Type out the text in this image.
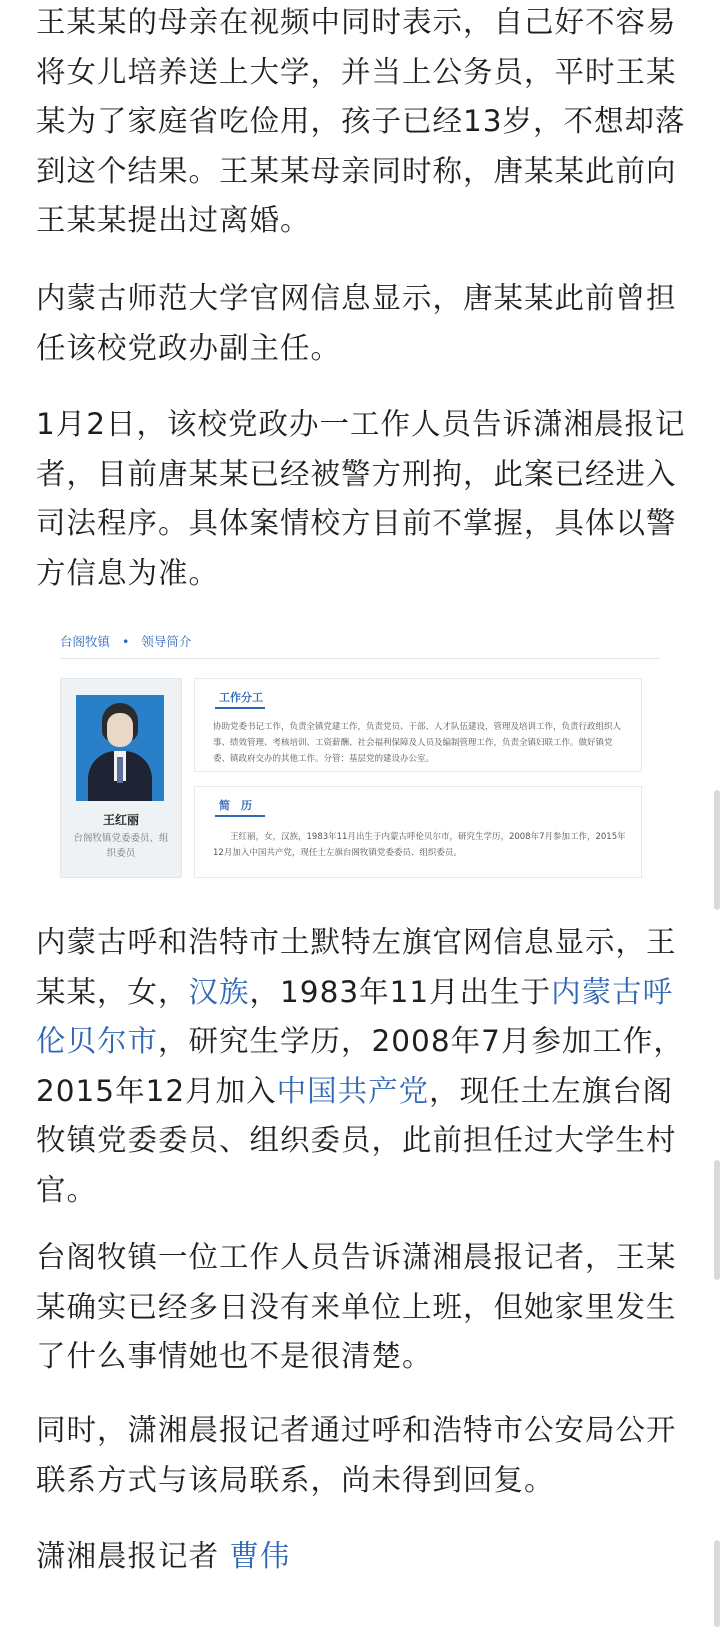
王某某的母亲在视频中同时表示，自己好不容易将女儿培养送上大学，并当上公务员，平时王某某为了家庭省吃俭用，孩子已经13岁，不想却落到这个结果。王某某母亲同时称，唐某某此前向王某某提出过离婚。

内蒙古师范大学官网信息显示，唐某某此前曾担任该校党政办副主任。

1月2日，该校党政办一工作人员告诉潇湘晨报记者，目前唐某某已经被警方刑拘，此案已经进入司法程序。具体案情校方目前不掌握，具体以警方信息为准。

台阁牧镇 • 领导简介
王红丽
台阁牧镇党委委员、组织委员
工作分工
协助党委书记工作，负责全镇党建工作，负责党员、干部、人才队伍建设，管理及培训工作，负责行政组织人事、绩效管理、考核培训、工资薪酬、社会福利保障及人员及编制管理工作，负责全镇妇联工作。做好镇党委、镇政府交办的其他工作。分管：基层党的建设办公室。
简　历
王红丽，女，汉族，1983年11月出生于内蒙古呼伦贝尔市，研究生学历，2008年7月参加工作，2015年12月加入中国共产党，现任土左旗台阁牧镇党委委员、组织委员。

内蒙古呼和浩特市土默特左旗官网信息显示，王某某，女，汉族，1983年11月出生于内蒙古呼伦贝尔市，研究生学历，2008年7月参加工作，2015年12月加入中国共产党，现任土左旗台阁牧镇党委委员、组织委员，此前担任过大学生村官。

台阁牧镇一位工作人员告诉潇湘晨报记者，王某某确实已经多日没有来单位上班，但她家里发生了什么事情她也不是很清楚。

同时，潇湘晨报记者通过呼和浩特市公安局公开联系方式与该局联系，尚未得到回复。

潇湘晨报记者 曹伟
